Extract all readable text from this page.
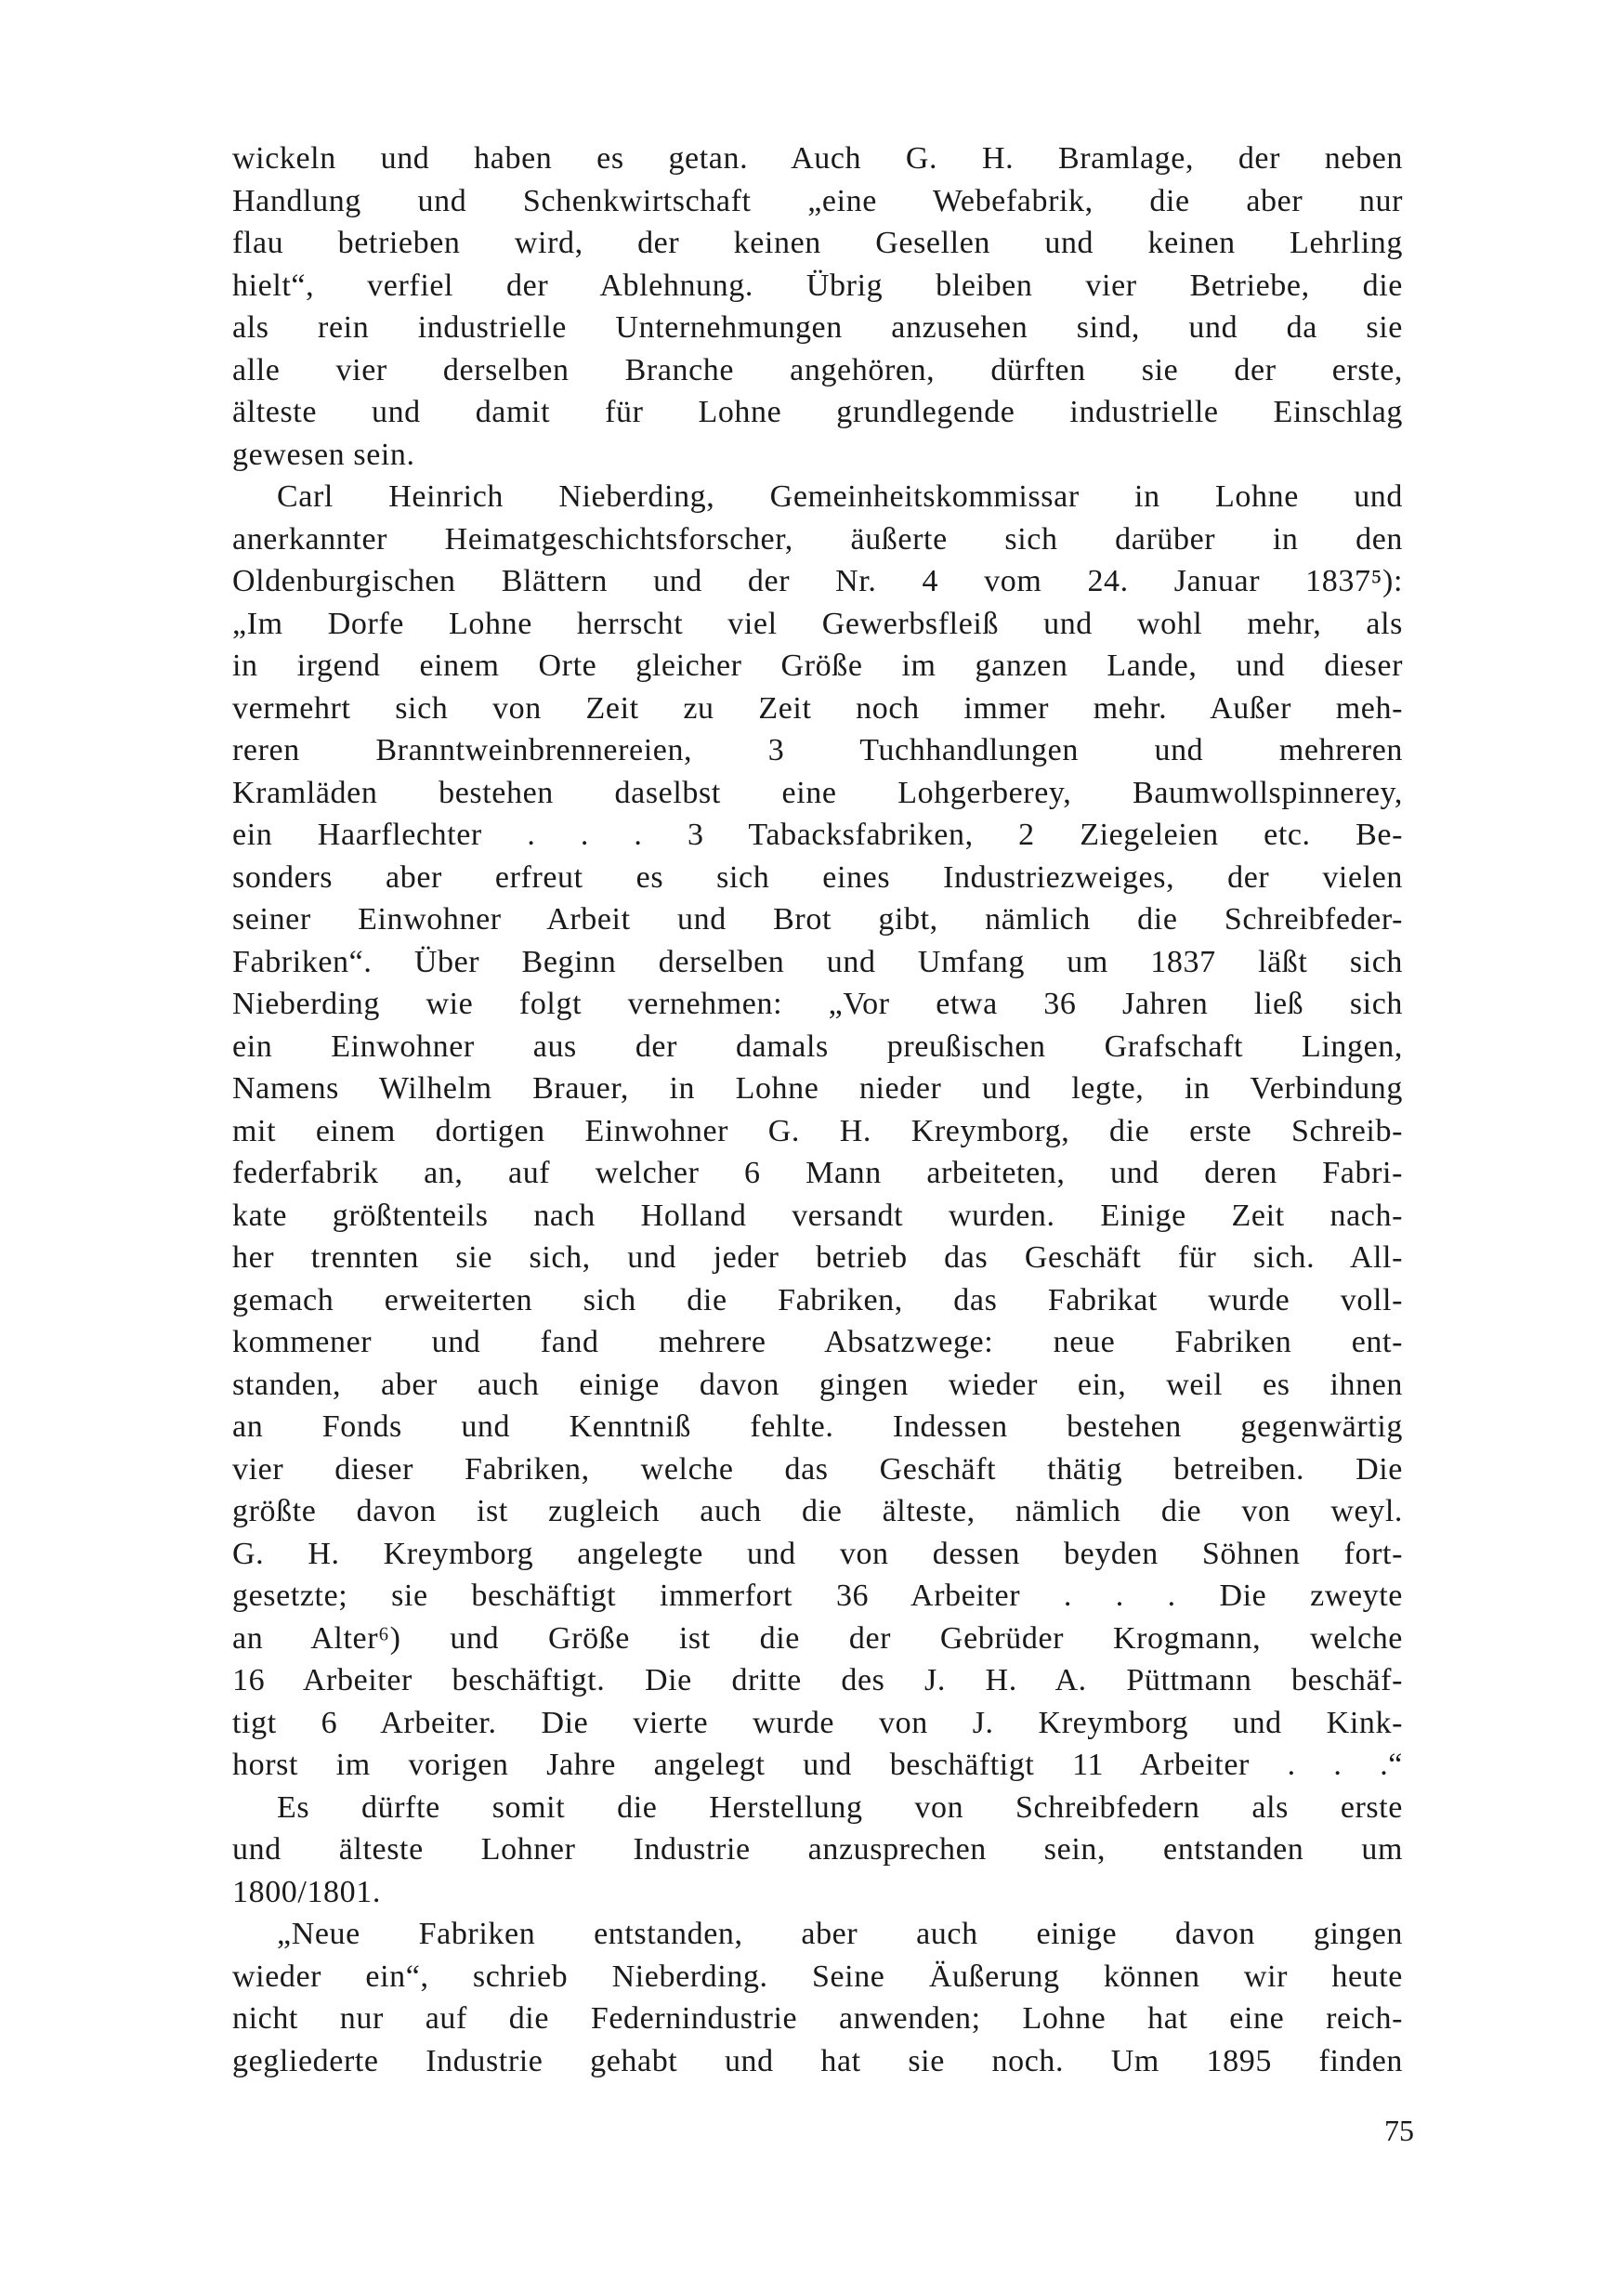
wickeln und haben es getan. Auch G. H. Bramlage, der neben
Handlung und Schenkwirtschaft „eine Webefabrik, die aber nur
flau betrieben wird, der keinen Gesellen und keinen Lehrling
hielt“, verfiel der Ablehnung. Übrig bleiben vier Betriebe, die
als rein industrielle Unternehmungen anzusehen sind, und da sie
alle vier derselben Branche angehören, dürften sie der erste,
älteste und damit für Lohne grundlegende industrielle Einschlag
gewesen sein.
Carl Heinrich Nieberding, Gemeinheitskommissar in Lohne und
anerkannter Heimatgeschichtsforscher, äußerte sich darüber in den
Oldenburgischen Blättern und der Nr. 4 vom 24. Januar 1837⁵):
„Im Dorfe Lohne herrscht viel Gewerbsfleiß und wohl mehr, als
in irgend einem Orte gleicher Größe im ganzen Lande, und dieser
vermehrt sich von Zeit zu Zeit noch immer mehr. Außer meh-
reren Branntweinbrennereien, 3 Tuchhandlungen und mehreren
Kramläden bestehen daselbst eine Lohgerberey, Baumwollspinnerey,
ein Haarflechter . . . 3 Tabacksfabriken, 2 Ziegeleien etc. Be-
sonders aber erfreut es sich eines Industriezweiges, der vielen
seiner Einwohner Arbeit und Brot gibt, nämlich die Schreibfeder-
Fabriken“. Über Beginn derselben und Umfang um 1837 läßt sich
Nieberding wie folgt vernehmen: „Vor etwa 36 Jahren ließ sich
ein Einwohner aus der damals preußischen Grafschaft Lingen,
Namens Wilhelm Brauer, in Lohne nieder und legte, in Verbindung
mit einem dortigen Einwohner G. H. Kreymborg, die erste Schreib-
federfabrik an, auf welcher 6 Mann arbeiteten, und deren Fabri-
kate größtenteils nach Holland versandt wurden. Einige Zeit nach-
her trennten sie sich, und jeder betrieb das Geschäft für sich. All-
gemach erweiterten sich die Fabriken, das Fabrikat wurde voll-
kommener und fand mehrere Absatzwege: neue Fabriken ent-
standen, aber auch einige davon gingen wieder ein, weil es ihnen
an Fonds und Kenntniß fehlte. Indessen bestehen gegenwärtig
vier dieser Fabriken, welche das Geschäft thätig betreiben. Die
größte davon ist zugleich auch die älteste, nämlich die von weyl.
G. H. Kreymborg angelegte und von dessen beyden Söhnen fort-
gesetzte; sie beschäftigt immerfort 36 Arbeiter . . . Die zweyte
an Alter⁶) und Größe ist die der Gebrüder Krogmann, welche
16 Arbeiter beschäftigt. Die dritte des J. H. A. Püttmann beschäf-
tigt 6 Arbeiter. Die vierte wurde von J. Kreymborg und Kink-
horst im vorigen Jahre angelegt und beschäftigt 11 Arbeiter . . .“
Es dürfte somit die Herstellung von Schreibfedern als erste
und älteste Lohner Industrie anzusprechen sein, entstanden um
1800/1801.
„Neue Fabriken entstanden, aber auch einige davon gingen
wieder ein“, schrieb Nieberding. Seine Äußerung können wir heute
nicht nur auf die Federnindustrie anwenden; Lohne hat eine reich-
gegliederte Industrie gehabt und hat sie noch. Um 1895 finden
75
